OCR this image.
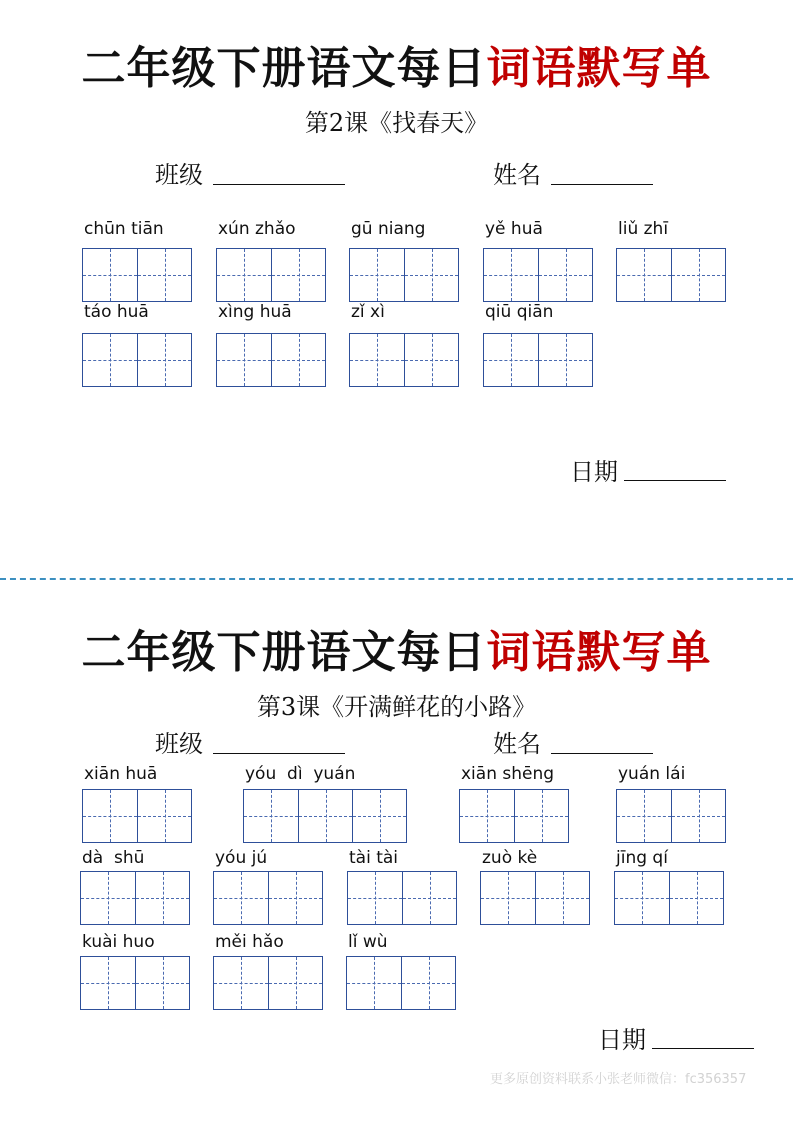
二年级下册语文每日词语默写单
第2课《找春天》
班级	姓名
chūn tiān	xún zhǎo	gū niang	yě huā	liǔ zhī
táo huā	xìng huā	zǐ xì	qiū qiān
日期
二年级下册语文每日词语默写单
第3课《开满鲜花的小路》
班级	姓名
xiān huā	yóu  dì  yuán	xiān shēng	yuán lái
dà  shū	yóu jú	tài tài	zuò kè	jīng qí
kuài huo	měi hǎo	lǐ wù
日期
更多原创资料联系小张老师微信：fc356357
